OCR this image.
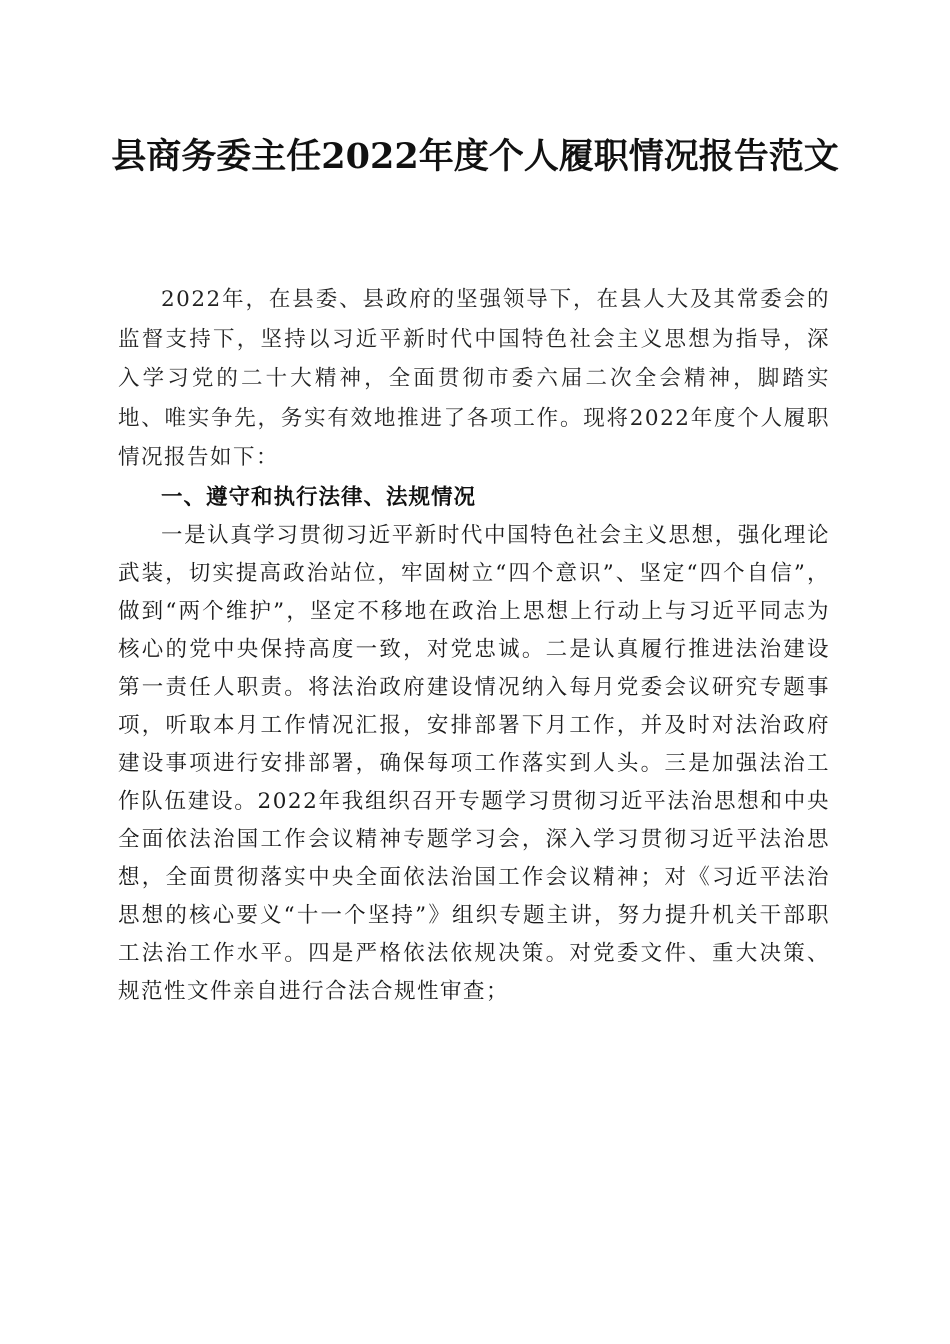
县商务委主任2022年度个人履职情况报告范文

2022年，在县委、县政府的坚强领导下，在县人大及其常委会的监督支持下，坚持以习近平新时代中国特色社会主义思想为指导，深入学习党的二十大精神，全面贯彻市委六届二次全会精神，脚踏实地、唯实争先，务实有效地推进了各项工作。现将2022年度个人履职情况报告如下：

一、遵守和执行法律、法规情况

一是认真学习贯彻习近平新时代中国特色社会主义思想，强化理论武装，切实提高政治站位，牢固树立“四个意识”、坚定“四个自信”，做到“两个维护”，坚定不移地在政治上思想上行动上与习近平同志为核心的党中央保持高度一致，对党忠诚。二是认真履行推进法治建设第一责任人职责。将法治政府建设情况纳入每月党委会议研究专题事项，听取本月工作情况汇报，安排部署下月工作，并及时对法治政府建设事项进行安排部署，确保每项工作落实到人头。三是加强法治工作队伍建设。2022年我组织召开专题学习贯彻习近平法治思想和中央全面依法治国工作会议精神专题学习会，深入学习贯彻习近平法治思想，全面贯彻落实中央全面依法治国工作会议精神；对《习近平法治思想的核心要义“十一个坚持”》组织专题主讲，努力提升机关干部职工法治工作水平。四是严格依法依规决策。对党委文件、重大决策、规范性文件亲自进行合法合规性审查；
